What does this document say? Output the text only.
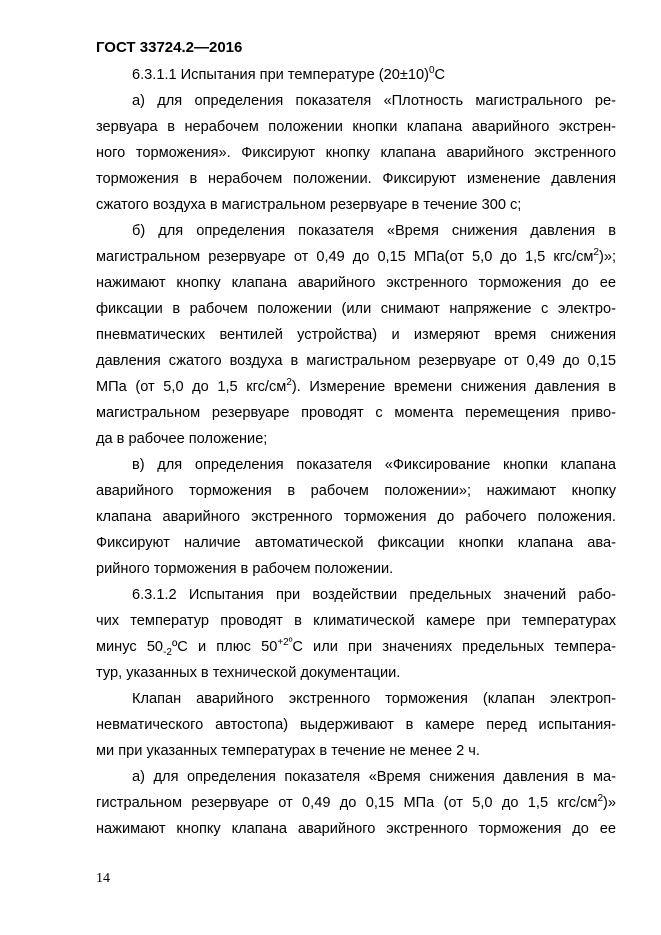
ГОСТ 33724.2—2016
6.3.1.1 Испытания при температуре $(20\pm 10)^0С$
а) для определения показателя «Плотность магистрального ре-
зервуара в нерабочем положении кнопки клапана аварийного экстрен-
ного торможения». Фиксируют кнопку клапана аварийного экстренного
торможения в нерабочем положении. Фиксируют изменение давления
сжатого воздуха в магистральном резервуаре в течение 300 с;
б) для определения показателя «Время снижения давления в
магистральном резервуаре от 0,49 до 0,15 МПа(от 5,0 до 1,5 кгс/$см^2$)»;
нажимают кнопку клапана аварийного экстренного торможения до ее
фиксации в рабочем положении (или снимают напряжение с электро-
пневматических вентилей устройства) и измеряют время снижения
давления сжатого воздуха в магистральном резервуаре от 0,49 до 0,15
МПа (от 5,0 до 1,5 кгс/$см^2$). Измерение времени снижения давления в
магистральном резервуаре проводят с момента перемещения приво-
да в рабочее положение;
в) для определения показателя «Фиксирование кнопки клапана
аварийного торможения в рабочем положении»; нажимают кнопку
клапана аварийного экстренного торможения до рабочего положения.
Фиксируют наличие автоматической фиксации кнопки клапана ава-
рийного торможения в рабочем положении.
6.3.1.2 Испытания при воздействии предельных значений рабо-
чих температур проводят в климатической камере при температурах
минус $50_{-2}ºС$ и плюс $50^{+2º}С$ или при значениях предельных темпера-
тур, указанных в технической документации.
Клапан аварийного экстренного торможения (клапан электроп-
невматического автостопа) выдерживают в камере перед испытания-
ми при указанных температурах в течение не менее 2 ч.
а) для определения показателя «Время снижения давления в ма-
гистральном резервуаре от 0,49 до 0,15 МПа (от 5,0 до 1,5 кгс/$см^2$)»
нажимают кнопку клапана аварийного экстренного торможения до ее
14
